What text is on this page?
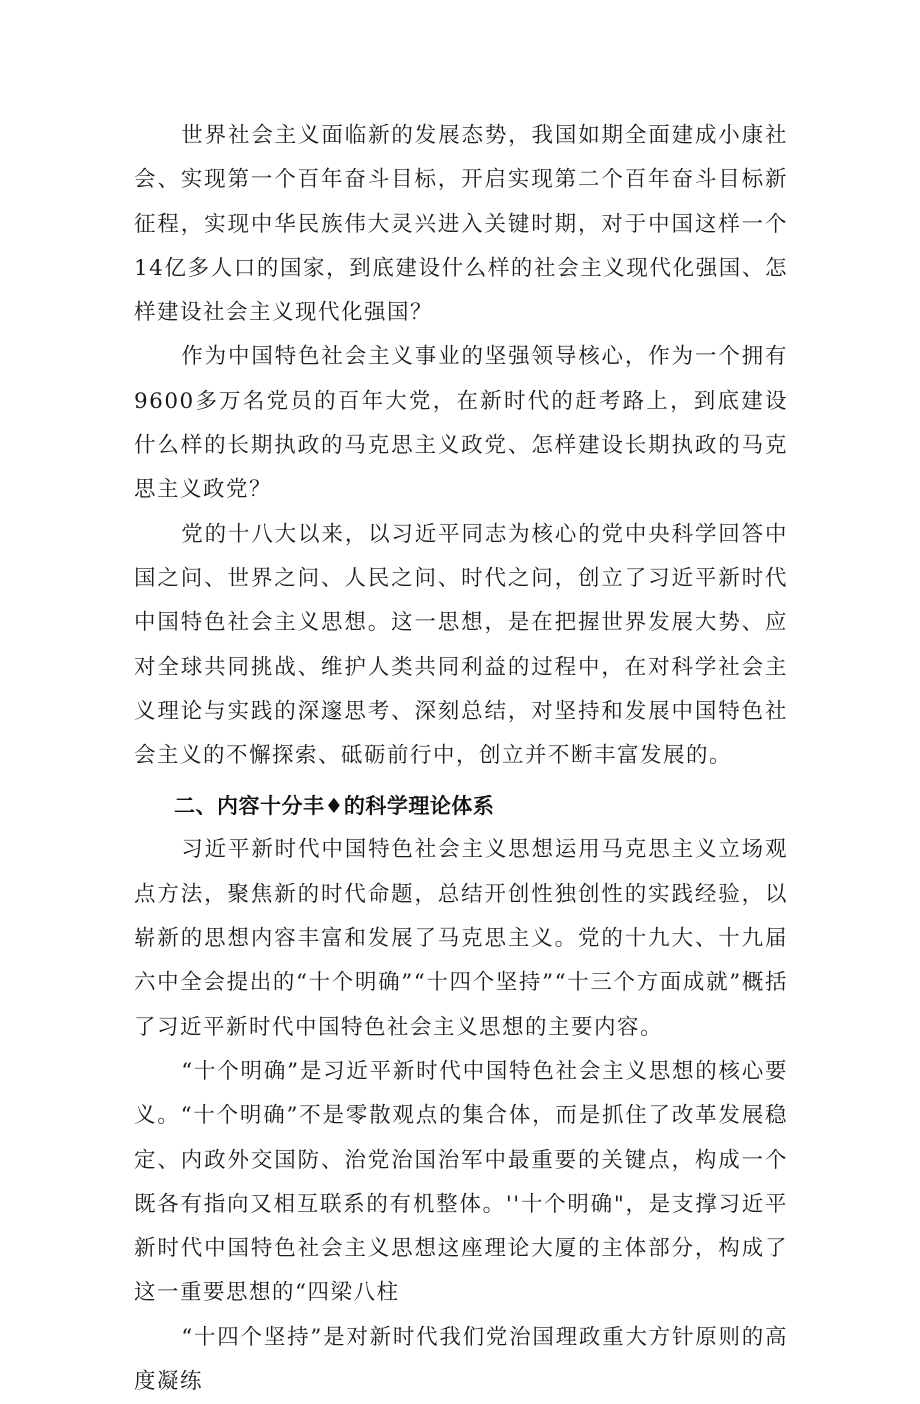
世界社会主义面临新的发展态势，我国如期全面建成小康社会、实现第一个百年奋斗目标，开启实现第二个百年奋斗目标新征程，实现中华民族伟大灵兴进入关键时期，对于中国这样一个14亿多人口的国家，到底建设什么样的社会主义现代化强国、怎样建设社会主义现代化强国？

作为中国特色社会主义事业的坚强领导核心，作为一个拥有9600多万名党员的百年大党，在新时代的赶考路上，到底建设什么样的长期执政的马克思主义政党、怎样建设长期执政的马克思主义政党？

党的十八大以来，以习近平同志为核心的党中央科学回答中国之问、世界之问、人民之问、时代之问，创立了习近平新时代中国特色社会主义思想。这一思想，是在把握世界发展大势、应对全球共同挑战、维护人类共同利益的过程中，在对科学社会主义理论与实践的深邃思考、深刻总结，对坚持和发展中国特色社会主义的不懈探索、砥砺前行中，创立并不断丰富发展的。

二、内容十分丰♦的科学理论体系

习近平新时代中国特色社会主义思想运用马克思主义立场观点方法，聚焦新的时代命题，总结开创性独创性的实践经验，以崭新的思想内容丰富和发展了马克思主义。党的十九大、十九届六中全会提出的“十个明确”“十四个坚持”“十三个方面成就”概括了习近平新时代中国特色社会主义思想的主要内容。

“十个明确”是习近平新时代中国特色社会主义思想的核心要义。“十个明确”不是零散观点的集合体，而是抓住了改革发展稳定、内政外交国防、治党治国治军中最重要的关键点，构成一个既各有指向又相互联系的有机整体。''十个明确"，是支撑习近平新时代中国特色社会主义思想这座理论大厦的主体部分，构成了这一重要思想的“四梁八柱

“十四个坚持”是对新时代我们党治国理政重大方针原则的高度凝练
